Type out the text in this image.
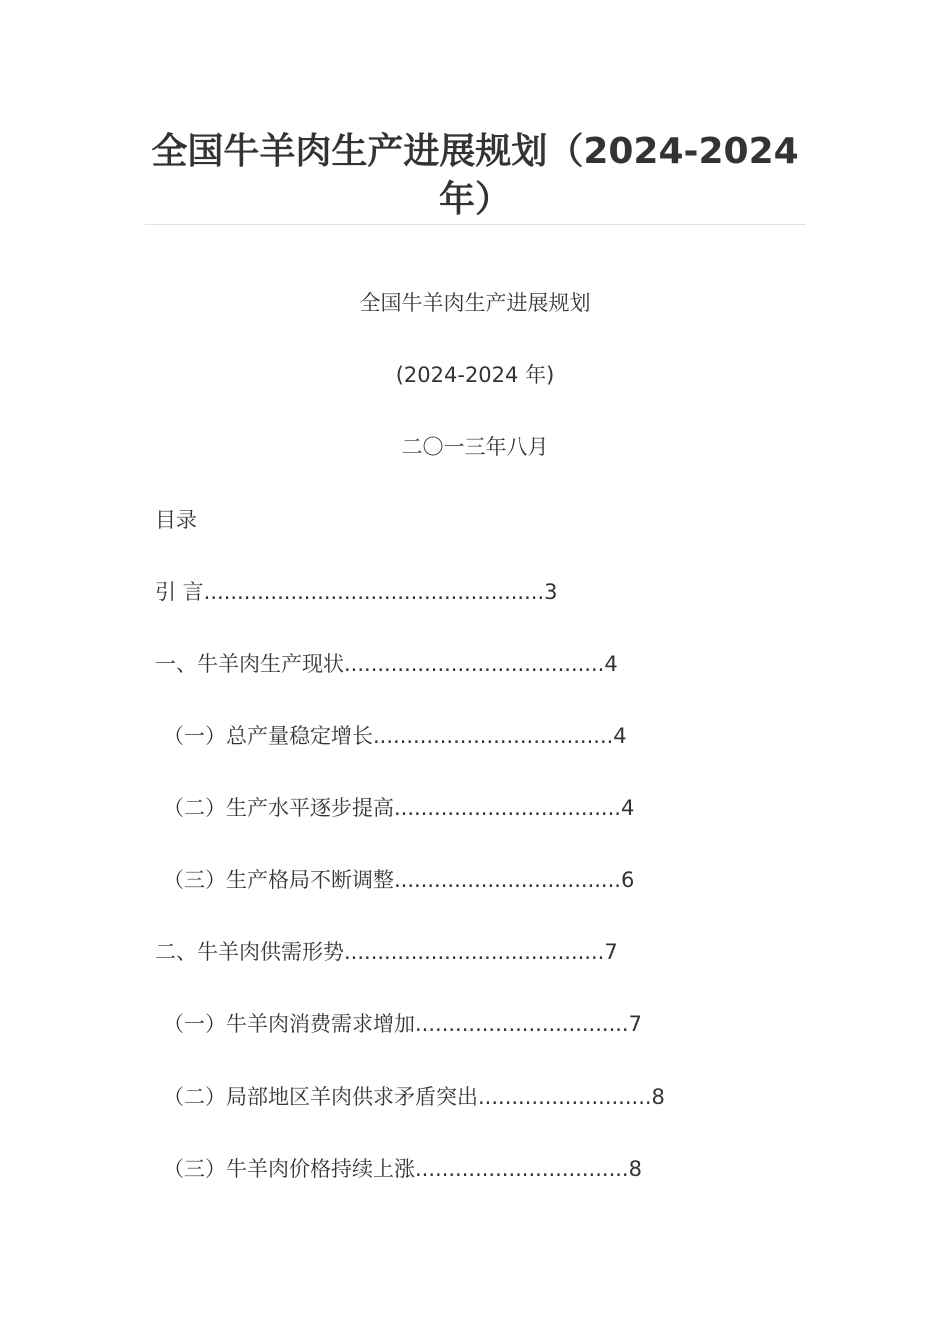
全国牛羊肉生产进展规划（2024-2024年）
全国牛羊肉生产进展规划
(2024-2024 年)
二〇一三年八月
目录
引 言...................................................3
一、牛羊肉生产现状.......................................4
（一）总产量稳定增长....................................4
（二）生产水平逐步提高..................................4
（三）生产格局不断调整..................................6
二、牛羊肉供需形势.......................................7
（一）牛羊肉消费需求增加................................7
（二）局部地区羊肉供求矛盾突出..........................8
（三）牛羊肉价格持续上涨................................8
